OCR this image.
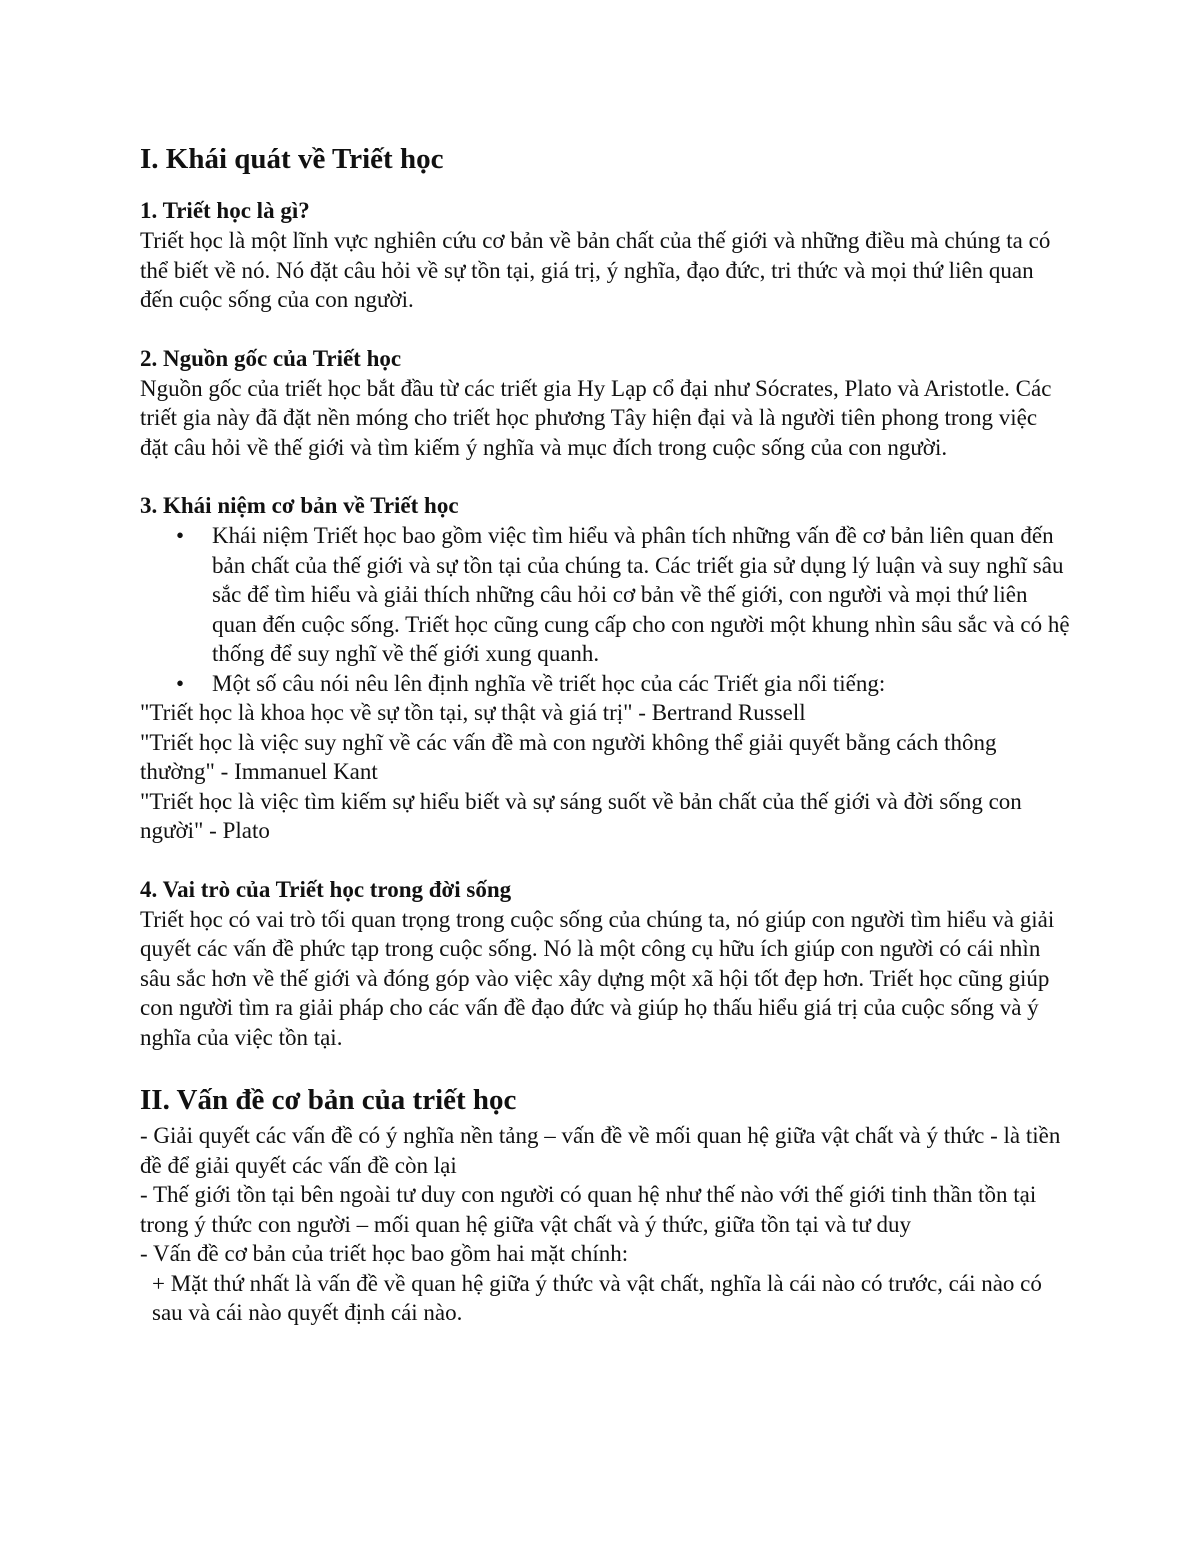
I. Khái quát về Triết học
1. Triết học là gì?

Triết học là một lĩnh vực nghiên cứu cơ bản về bản chất của thế giới và những điều mà chúng ta có thể biết về nó. Nó đặt câu hỏi về sự tồn tại, giá trị, ý nghĩa, đạo đức, tri thức và mọi thứ liên quan đến cuộc sống của con người.

2. Nguồn gốc của Triết học

Nguồn gốc của triết học bắt đầu từ các triết gia Hy Lạp cổ đại như Sócrates, Plato và Aristotle. Các triết gia này đã đặt nền móng cho triết học phương Tây hiện đại và là người tiên phong trong việc đặt câu hỏi về thế giới và tìm kiếm ý nghĩa và mục đích trong cuộc sống của con người.

3. Khái niệm cơ bản về Triết học
• Khái niệm Triết học bao gồm việc tìm hiểu và phân tích những vấn đề cơ bản liên quan đến bản chất của thế giới và sự tồn tại của chúng ta. Các triết gia sử dụng lý luận và suy nghĩ sâu sắc để tìm hiểu và giải thích những câu hỏi cơ bản về thế giới, con người và mọi thứ liên quan đến cuộc sống. Triết học cũng cung cấp cho con người một khung nhìn sâu sắc và có hệ thống để suy nghĩ về thế giới xung quanh.
• Một số câu nói nêu lên định nghĩa về triết học của các Triết gia nổi tiếng:

"Triết học là khoa học về sự tồn tại, sự thật và giá trị" - Bertrand Russell

"Triết học là việc suy nghĩ về các vấn đề mà con người không thể giải quyết bằng cách thông thường" - Immanuel Kant

"Triết học là việc tìm kiếm sự hiểu biết và sự sáng suốt về bản chất của thế giới và đời sống con người" - Plato

4. Vai trò của Triết học trong đời sống

Triết học có vai trò tối quan trọng trong cuộc sống của chúng ta, nó giúp con người tìm hiểu và giải quyết các vấn đề phức tạp trong cuộc sống. Nó là một công cụ hữu ích giúp con người có cái nhìn sâu sắc hơn về thế giới và đóng góp vào việc xây dựng một xã hội tốt đẹp hơn. Triết học cũng giúp con người tìm ra giải pháp cho các vấn đề đạo đức và giúp họ thấu hiểu giá trị của cuộc sống và ý nghĩa của việc tồn tại.

II. Vấn đề cơ bản của triết học

- Giải quyết các vấn đề có ý nghĩa nền tảng – vấn đề về mối quan hệ giữa vật chất và ý thức - là tiền đề để giải quyết các vấn đề còn lại

- Thế giới tồn tại bên ngoài tư duy con người có quan hệ như thế nào với thế giới tinh thần tồn tại trong ý thức con người – mối quan hệ giữa vật chất và ý thức, giữa tồn tại và tư duy

- Vấn đề cơ bản của triết học bao gồm hai mặt chính:

+ Mặt thứ nhất là vấn đề về quan hệ giữa ý thức và vật chất, nghĩa là cái nào có trước, cái nào có sau và cái nào quyết định cái nào.
